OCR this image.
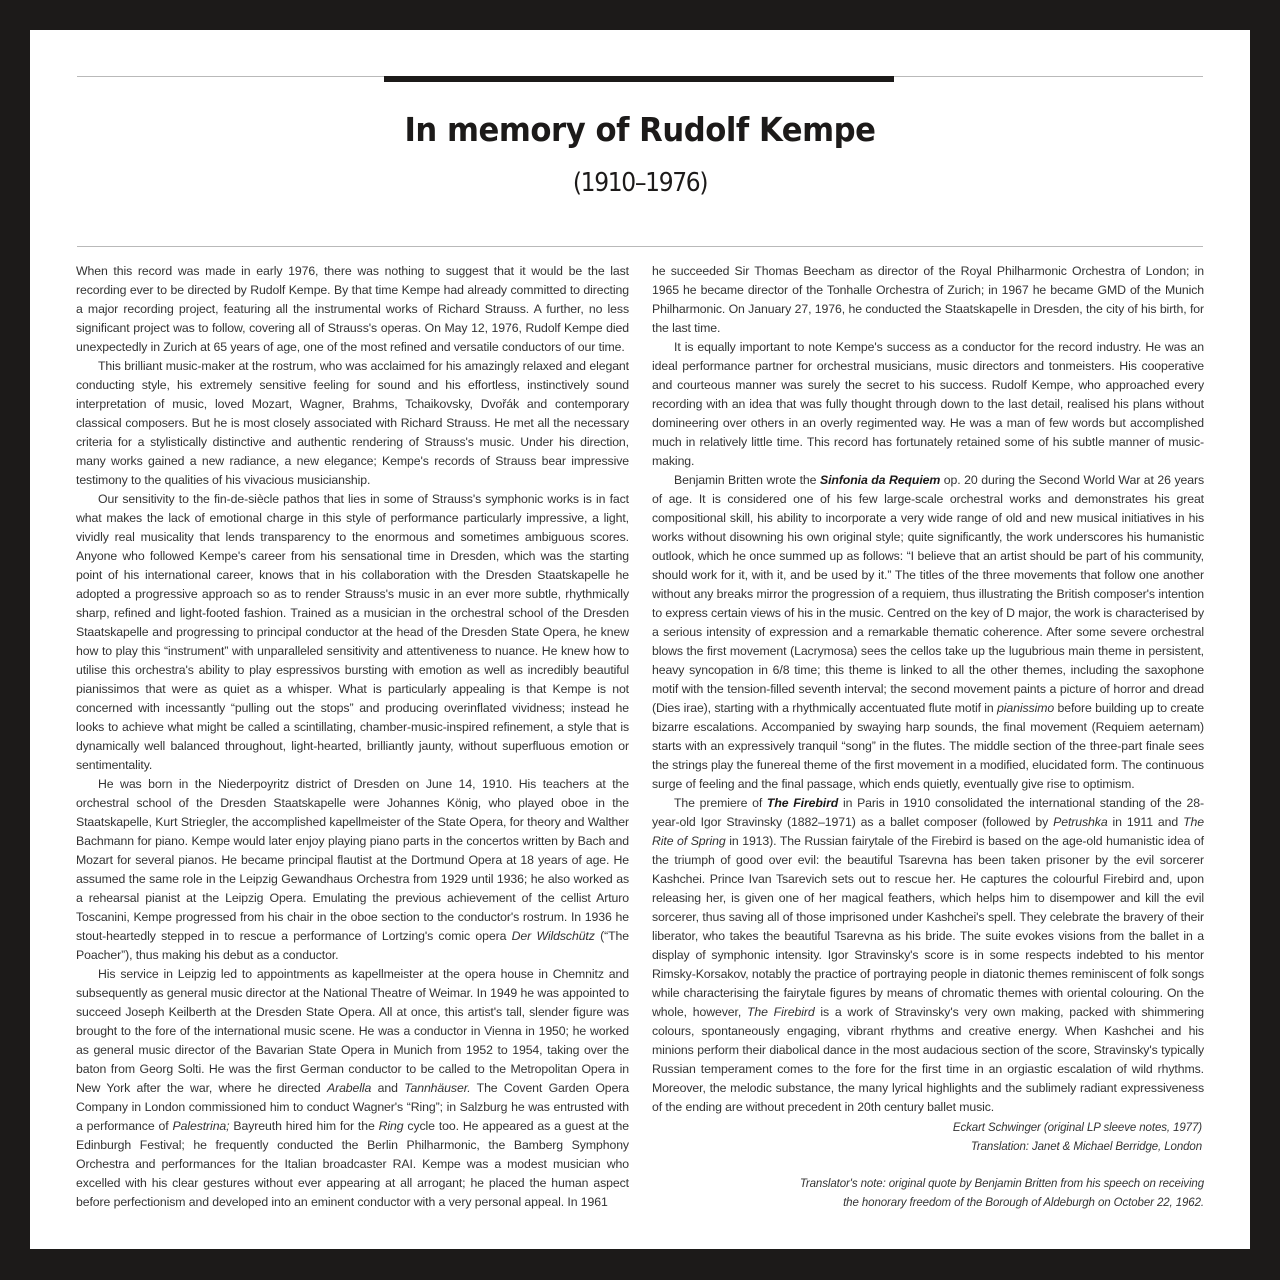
In memory of Rudolf Kempe
(1910–1976)

When this record was made in early 1976, there was nothing to suggest that it would be the last recording ever to be directed by Rudolf Kempe. By that time Kempe had already committed to directing a major recording project, featuring all the instrumental works of Richard Strauss. A further, no less significant project was to follow, covering all of Strauss's operas. On May 12, 1976, Rudolf Kempe died unexpectedly in Zurich at 65 years of age, one of the most refined and versatile conductors of our time.

This brilliant music-maker at the rostrum, who was acclaimed for his amazingly relaxed and elegant conducting style, his extremely sensitive feeling for sound and his effortless, instinctively sound interpretation of music, loved Mozart, Wagner, Brahms, Tchaikovsky, Dvořák and contemporary classical composers. But he is most closely associated with Richard Strauss. He met all the necessary criteria for a stylistically distinctive and authentic rendering of Strauss's music. Under his direction, many works gained a new radiance, a new elegance; Kempe's records of Strauss bear impressive testimony to the qualities of his vivacious musicianship.

Our sensitivity to the fin-de-siècle pathos that lies in some of Strauss's symphonic works is in fact what makes the lack of emotional charge in this style of performance particularly impressive, a light, vividly real musicality that lends transparency to the enormous and sometimes ambiguous scores. Anyone who followed Kempe's career from his sensational time in Dresden, which was the starting point of his international career, knows that in his collaboration with the Dresden Staatskapelle he adopted a progressive approach so as to render Strauss's music in an ever more subtle, rhythmically sharp, refined and light-footed fashion. Trained as a musician in the orchestral school of the Dresden Staatskapelle and progressing to principal conductor at the head of the Dresden State Opera, he knew how to play this “instrument” with unparalleled sensitivity and attentiveness to nuance. He knew how to utilise this orchestra's ability to play espressivos bursting with emotion as well as incredibly beautiful pianissimos that were as quiet as a whisper. What is particularly appealing is that Kempe is not concerned with incessantly “pulling out the stops” and producing overinflated vividness; instead he looks to achieve what might be called a scintillating, chamber-music-inspired refinement, a style that is dynamically well balanced throughout, light-hearted, brilliantly jaunty, without superfluous emotion or sentimentality.

He was born in the Niederpoyritz district of Dresden on June 14, 1910. His teachers at the orchestral school of the Dresden Staatskapelle were Johannes König, who played oboe in the Staatskapelle, Kurt Striegler, the accomplished kapellmeister of the State Opera, for theory and Walther Bachmann for piano. Kempe would later enjoy playing piano parts in the concertos written by Bach and Mozart for several pianos. He became principal flautist at the Dortmund Opera at 18 years of age. He assumed the same role in the Leipzig Gewandhaus Orchestra from 1929 until 1936; he also worked as a rehearsal pianist at the Leipzig Opera. Emulating the previous achievement of the cellist Arturo Toscanini, Kempe progressed from his chair in the oboe section to the conductor's rostrum. In 1936 he stout-heartedly stepped in to rescue a performance of Lortzing's comic opera Der Wildschütz (“The Poacher”), thus making his debut as a conductor.

His service in Leipzig led to appointments as kapellmeister at the opera house in Chemnitz and subsequently as general music director at the National Theatre of Weimar. In 1949 he was appointed to succeed Joseph Keilberth at the Dresden State Opera. All at once, this artist's tall, slender figure was brought to the fore of the international music scene. He was a conductor in Vienna in 1950; he worked as general music director of the Bavarian State Opera in Munich from 1952 to 1954, taking over the baton from Georg Solti. He was the first German conductor to be called to the Metropolitan Opera in New York after the war, where he directed Arabella and Tannhäuser. The Covent Garden Opera Company in London commissioned him to conduct Wagner's “Ring”; in Salzburg he was entrusted with a performance of Palestrina; Bayreuth hired him for the Ring cycle too. He appeared as a guest at the Edinburgh Festival; he frequently conducted the Berlin Philharmonic, the Bamberg Symphony Orchestra and performances for the Italian broadcaster RAI. Kempe was a modest musician who excelled with his clear gestures without ever appearing at all arrogant; he placed the human aspect before perfectionism and developed into an eminent conductor with a very personal appeal. In 1961

he succeeded Sir Thomas Beecham as director of the Royal Philharmonic Orchestra of London; in 1965 he became director of the Tonhalle Orchestra of Zurich; in 1967 he became GMD of the Munich Philharmonic. On January 27, 1976, he conducted the Staatskapelle in Dresden, the city of his birth, for the last time.

It is equally important to note Kempe's success as a conductor for the record industry. He was an ideal performance partner for orchestral musicians, music directors and tonmeisters. His cooperative and courteous manner was surely the secret to his success. Rudolf Kempe, who approached every recording with an idea that was fully thought through down to the last detail, realised his plans without domineering over others in an overly regimented way. He was a man of few words but accomplished much in relatively little time. This record has fortunately retained some of his subtle manner of music-making.

Benjamin Britten wrote the Sinfonia da Requiem op. 20 during the Second World War at 26 years of age. It is considered one of his few large-scale orchestral works and demonstrates his great compositional skill, his ability to incorporate a very wide range of old and new musical initiatives in his works without disowning his own original style; quite significantly, the work underscores his humanistic outlook, which he once summed up as follows: “I believe that an artist should be part of his community, should work for it, with it, and be used by it.” The titles of the three movements that follow one another without any breaks mirror the progression of a requiem, thus illustrating the British composer's intention to express certain views of his in the music. Centred on the key of D major, the work is characterised by a serious intensity of expression and a remarkable thematic coherence. After some severe orchestral blows the first movement (Lacrymosa) sees the cellos take up the lugubrious main theme in persistent, heavy syncopation in 6/8 time; this theme is linked to all the other themes, including the saxophone motif with the tension-filled seventh interval; the second movement paints a picture of horror and dread (Dies irae), starting with a rhythmically accentuated flute motif in pianissimo before building up to create bizarre escalations. Accompanied by swaying harp sounds, the final movement (Requiem aeternam) starts with an expressively tranquil “song” in the flutes. The middle section of the three-part finale sees the strings play the funereal theme of the first movement in a modified, elucidated form. The continuous surge of feeling and the final passage, which ends quietly, eventually give rise to optimism.

The premiere of The Firebird in Paris in 1910 consolidated the international standing of the 28-year-old Igor Stravinsky (1882–1971) as a ballet composer (followed by Petrushka in 1911 and The Rite of Spring in 1913). The Russian fairytale of the Firebird is based on the age-old humanistic idea of the triumph of good over evil: the beautiful Tsarevna has been taken prisoner by the evil sorcerer Kashchei. Prince Ivan Tsarevich sets out to rescue her. He captures the colourful Firebird and, upon releasing her, is given one of her magical feathers, which helps him to disempower and kill the evil sorcerer, thus saving all of those imprisoned under Kashchei's spell. They celebrate the bravery of their liberator, who takes the beautiful Tsarevna as his bride. The suite evokes visions from the ballet in a display of symphonic intensity. Igor Stravinsky's score is in some respects indebted to his mentor Rimsky-Korsakov, notably the practice of portraying people in diatonic themes reminiscent of folk songs while characterising the fairytale figures by means of chromatic themes with oriental colouring. On the whole, however, The Firebird is a work of Stravinsky's very own making, packed with shimmering colours, spontaneously engaging, vibrant rhythms and creative energy. When Kashchei and his minions perform their diabolical dance in the most audacious section of the score, Stravinsky's typically Russian temperament comes to the fore for the first time in an orgiastic escalation of wild rhythms. Moreover, the melodic substance, the many lyrical highlights and the sublimely radiant expressiveness of the ending are without precedent in 20th century ballet music.

Eckart Schwinger (original LP sleeve notes, 1977)
Translation: Janet & Michael Berridge, London
Translator's note: original quote by Benjamin Britten from his speech on receiving
the honorary freedom of the Borough of Aldeburgh on October 22, 1962.
